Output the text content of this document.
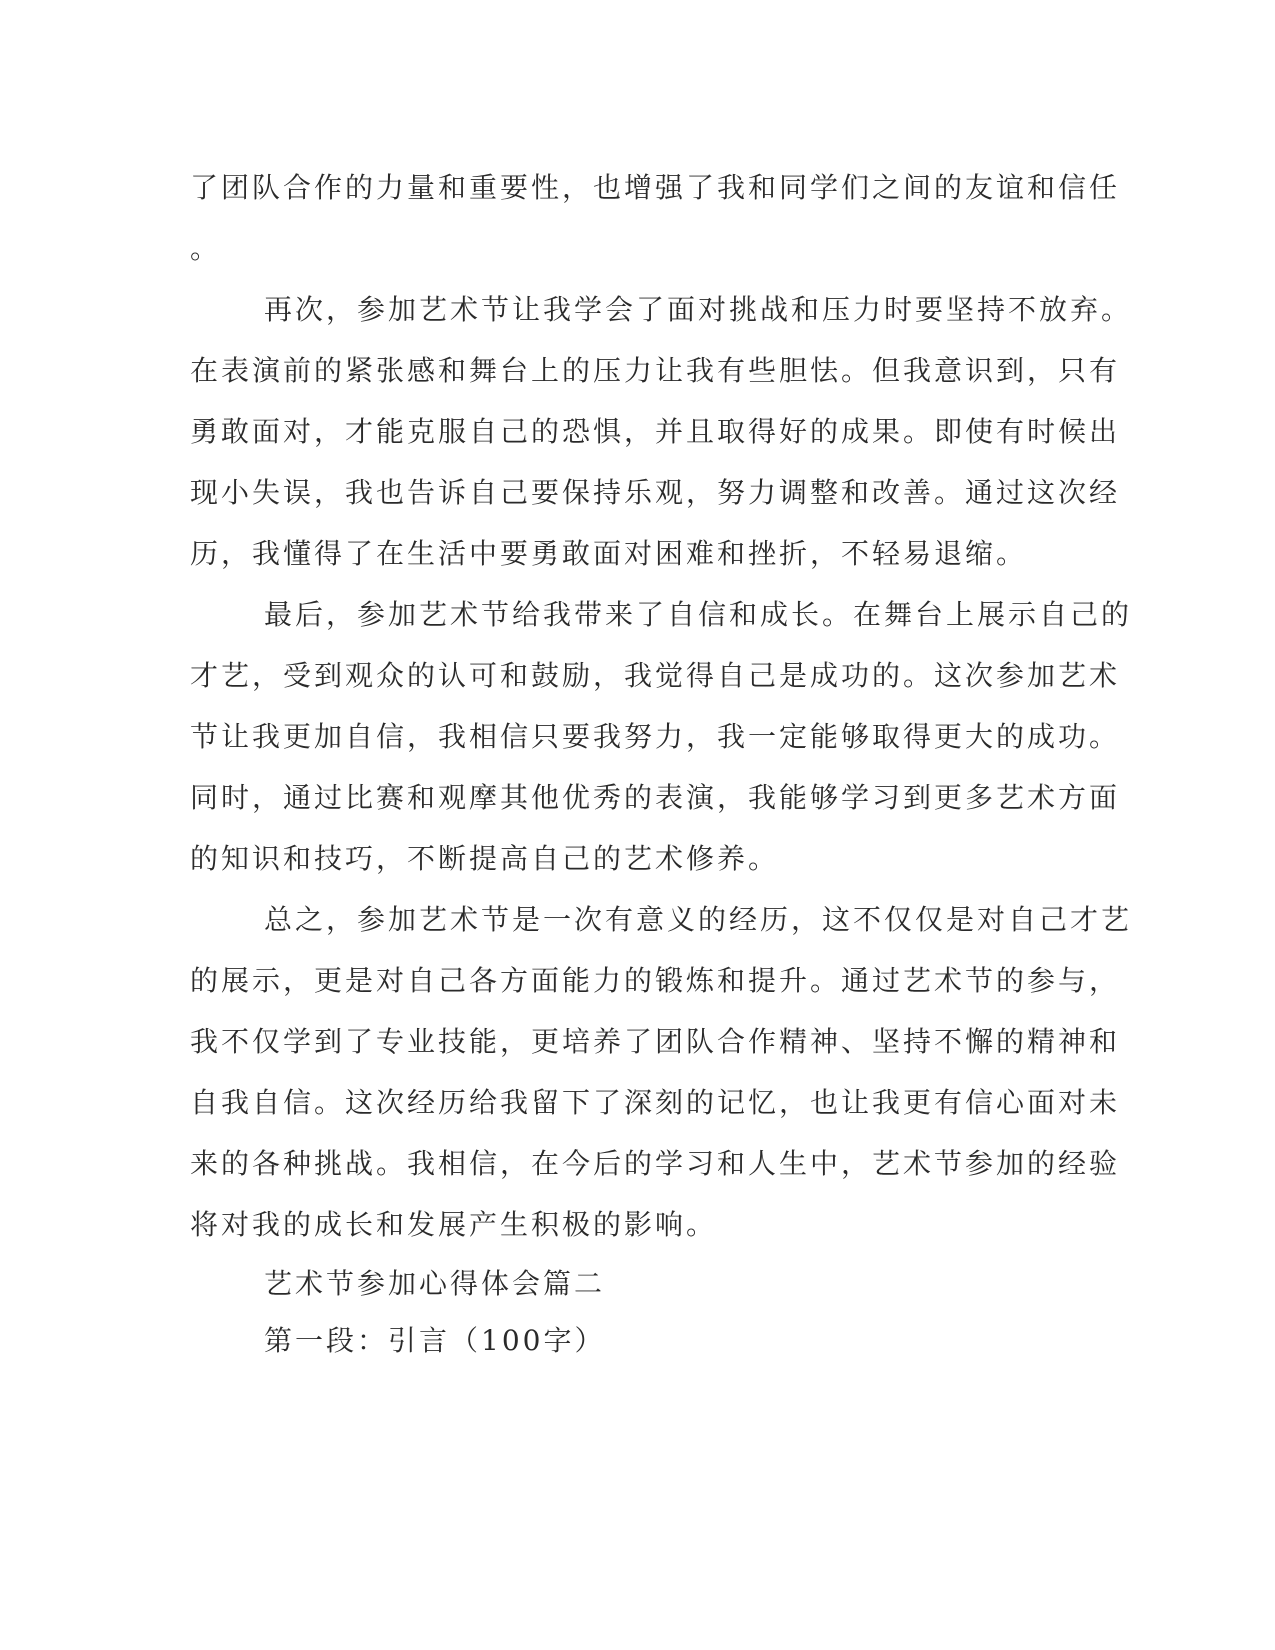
了团队合作的力量和重要性，也增强了我和同学们之间的友谊和信任
。
再次，参加艺术节让我学会了面对挑战和压力时要坚持不放弃。
在表演前的紧张感和舞台上的压力让我有些胆怯。但我意识到，只有
勇敢面对，才能克服自己的恐惧，并且取得好的成果。即使有时候出
现小失误，我也告诉自己要保持乐观，努力调整和改善。通过这次经
历，我懂得了在生活中要勇敢面对困难和挫折，不轻易退缩。
最后，参加艺术节给我带来了自信和成长。在舞台上展示自己的
才艺，受到观众的认可和鼓励，我觉得自己是成功的。这次参加艺术
节让我更加自信，我相信只要我努力，我一定能够取得更大的成功。
同时，通过比赛和观摩其他优秀的表演，我能够学习到更多艺术方面
的知识和技巧，不断提高自己的艺术修养。
总之，参加艺术节是一次有意义的经历，这不仅仅是对自己才艺
的展示，更是对自己各方面能力的锻炼和提升。通过艺术节的参与，
我不仅学到了专业技能，更培养了团队合作精神、坚持不懈的精神和
自我自信。这次经历给我留下了深刻的记忆，也让我更有信心面对未
来的各种挑战。我相信，在今后的学习和人生中，艺术节参加的经验
将对我的成长和发展产生积极的影响。
艺术节参加心得体会篇二
第一段：引言（100字）
